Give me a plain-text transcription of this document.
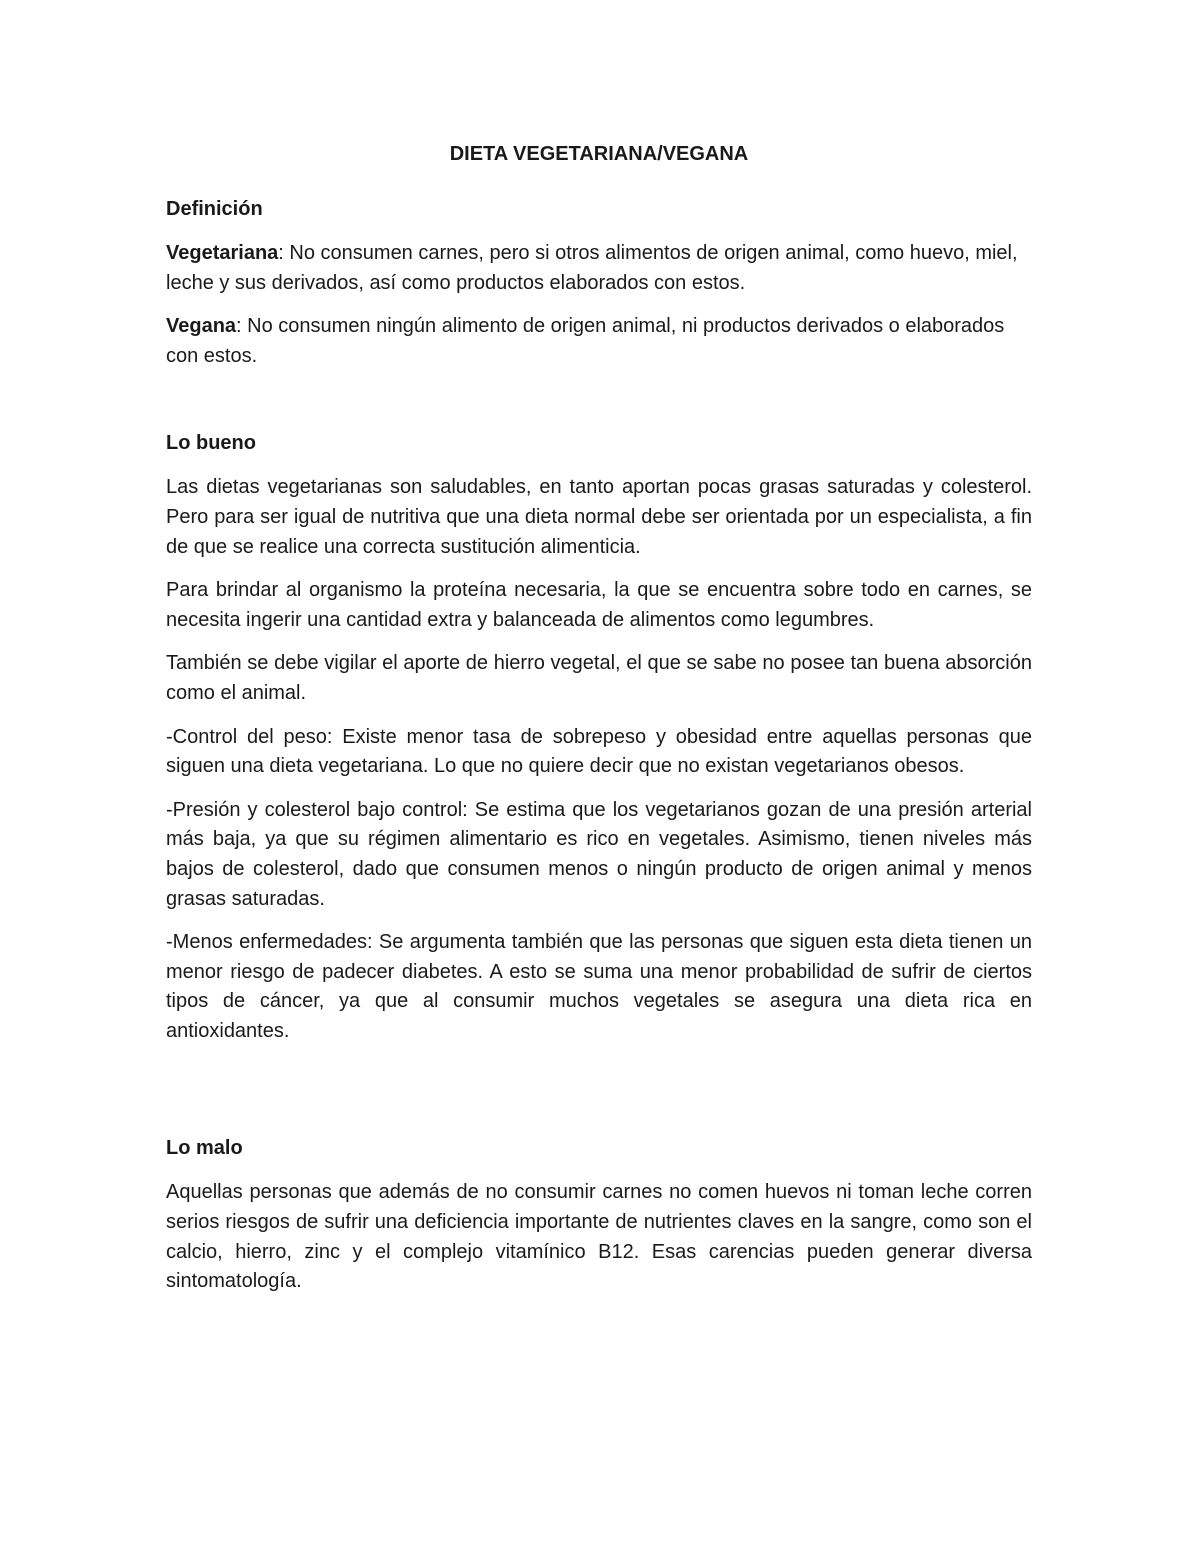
DIETA VEGETARIANA/VEGANA
Definición

Vegetariana: No consumen carnes, pero si otros alimentos de origen animal, como huevo, miel, leche y sus derivados, así como productos elaborados con estos.

Vegana: No consumen ningún alimento de origen animal, ni productos derivados o elaborados con estos.

Lo bueno

Las dietas vegetarianas son saludables, en tanto aportan pocas grasas saturadas y colesterol. Pero para ser igual de nutritiva que una dieta normal debe ser orientada por un especialista, a fin de que se realice una correcta sustitución alimenticia.

Para brindar al organismo la proteína necesaria, la que se encuentra sobre todo en carnes, se necesita ingerir una cantidad extra y balanceada de alimentos como legumbres.

También se debe vigilar el aporte de hierro vegetal, el que se sabe no posee tan buena absorción como el animal.

-Control del peso: Existe menor tasa de sobrepeso y obesidad entre aquellas personas que siguen una dieta vegetariana. Lo que no quiere decir que no existan vegetarianos obesos.

-Presión y colesterol bajo control: Se estima que los vegetarianos gozan de una presión arterial más baja, ya que su régimen alimentario es rico en vegetales. Asimismo, tienen niveles más bajos de colesterol, dado que consumen menos o ningún producto de origen animal y menos grasas saturadas.

-Menos enfermedades: Se argumenta también que las personas que siguen esta dieta tienen un menor riesgo de padecer diabetes. A esto se suma una menor probabilidad de sufrir de ciertos tipos de cáncer, ya que al consumir muchos vegetales se asegura una dieta rica en antioxidantes.

Lo malo

Aquellas personas que además de no consumir carnes no comen huevos ni toman leche corren serios riesgos de sufrir una deficiencia importante de nutrientes claves en la sangre, como son el calcio, hierro, zinc y el complejo vitamínico B12. Esas carencias pueden generar diversa sintomatología.
